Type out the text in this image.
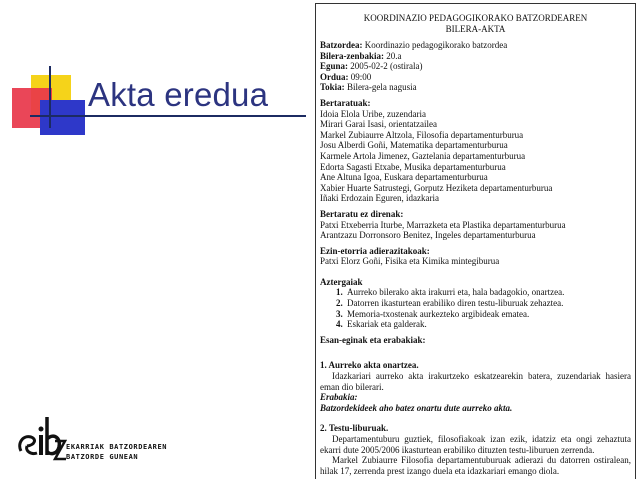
Akta eredua
EKARRIAK BATZORDEAREN
BATZORDE GUNEAN
KOORDINAZIO PEDAGOGIKORAKO BATZORDEAREN
BILERA-AKTA
Batzordea: Koordinazio pedagogikorako batzordea
Bilera-zenbakia: 20.a
Eguna: 2005-02-2 (ostirala)
Ordua: 09:00
Tokia: Bilera-gela nagusia
Bertaratuak:
Idoia Elola Uribe, zuzendaria
Mirari Garai Isasi, orientatzailea
Markel Zubiaurre Altzola, Filosofia departamenturburua
Josu Alberdi Goñi, Matematika departamenturburua
Karmele Artola Jimenez, Gaztelania departamenturburua
Edorta Sagasti Etxabe, Musika departamenturburua
Ane Altuna Igoa, Euskara departamenturburua
Xabier Huarte Satrustegi, Gorputz Heziketa departamenturburua
Iñaki Erdozain Eguren, idazkaria
Bertaratu ez direnak:
Patxi Etxeberria Iturbe, Marrazketa eta Plastika departamenturburua
Arantzazu Dorronsoro Benitez, Ingeles departamenturburua
Ezin-etorria adierazitakoak:
Patxi Elorz Goñi, Fisika eta Kimika mintegiburua
Aztergaiak
1. Aurreko bilerako akta irakurri eta, hala badagokio, onartzea.
2. Datorren ikasturtean erabiliko diren testu-liburuak zehaztea.
3. Memoria-txostenak aurkezteko argibideak ematea.
4. Eskariak eta galderak.
Esan-eginak eta erabakiak:
1. Aurreko akta onartzea.
Idazkariari aurreko akta irakurtzeko eskatzearekin batera, zuzendariak hasiera eman dio bilerari.
Erabakia:
Batzordekideek aho batez onartu dute aurreko akta.
2. Testu-liburuak.
Departamentuburu guztiek, filosofiakoak izan ezik, idatziz eta ongi zehaztuta ekarri dute 2005/2006 ikasturtean erabiliko dituzten testu-liburuen zerrenda.
Markel Zubiaurre Filosofia departamentuburuak adierazi du datorren ostiralean, hilak 17, zerrenda prest izango duela eta idazkariari emango diola.
